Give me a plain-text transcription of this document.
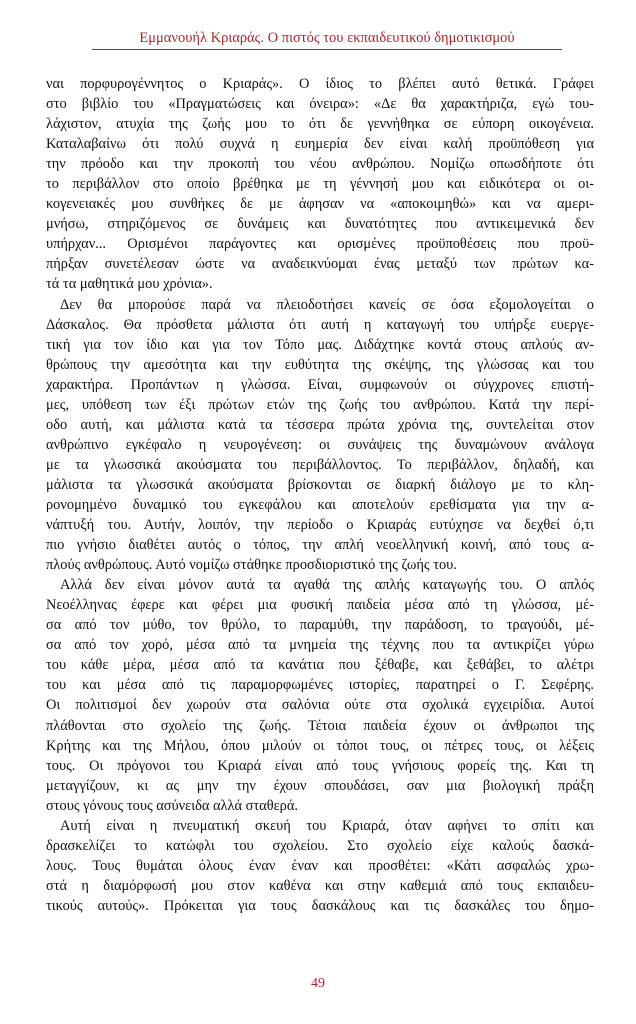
Εμμανουήλ Κριαράς. Ο πιστός του εκπαιδευτικού δημοτικισμού
ναι πορφυρογέννητος ο Κριαράς». Ο ίδιος το βλέπει αυτό θετικά. Γράφει
στο βιβλίο του «Πραγματώσεις και όνειρα»: «Δε θα χαρακτήριζα, εγώ του-
λάχιστον, ατυχία της ζωής μου το ότι δε γεννήθηκα σε εύπορη οικογένεια.
Καταλαβαίνω ότι πολύ συχνά η ευημερία δεν είναι καλή προϋπόθεση για
την πρόοδο και την προκοπή του νέου ανθρώπου. Νομίζω οπωσδήποτε ότι
το περιβάλλον στο οποίο βρέθηκα με τη γέννησή μου και ειδικότερα οι οι-
κογενειακές μου συνθήκες δε με άφησαν να «αποκοιμηθώ» και να αμερι-
μνήσω, στηριζόμενος σε δυνάμεις και δυνατότητες που αντικειμενικά δεν
υπήρχαν... Ορισμένοι παράγοντες και ορισμένες προϋποθέσεις που προϋ-
πήρξαν συνετέλεσαν ώστε να αναδεικνύομαι ένας μεταξύ των πρώτων κα-
τά τα μαθητικά μου χρόνια».
Δεν θα μπορούσε παρά να πλειοδοτήσει κανείς σε όσα εξομολογείται ο
Δάσκαλος. Θα πρόσθετα μάλιστα ότι αυτή η καταγωγή του υπήρξε ευεργε-
τική για τον ίδιο και για τον Τόπο μας. Διδάχτηκε κοντά στους απλούς αν-
θρώπους την αμεσότητα και την ευθύτητα της σκέψης, της γλώσσας και του
χαρακτήρα. Προπάντων η γλώσσα. Είναι, συμφωνούν οι σύγχρονες επιστή-
μες, υπόθεση των έξι πρώτων ετών της ζωής του ανθρώπου. Κατά την περί-
οδο αυτή, και μάλιστα κατά τα τέσσερα πρώτα χρόνια της, συντελείται στον
ανθρώπινο εγκέφαλο η νευρογένεση: οι συνάψεις της δυναμώνουν ανάλογα
με τα γλωσσικά ακούσματα του περιβάλλοντος. Το περιβάλλον, δηλαδή, και
μάλιστα τα γλωσσικά ακούσματα βρίσκονται σε διαρκή διάλογο με το κλη-
ρονομημένο δυναμικό του εγκεφάλου και αποτελούν ερεθίσματα για την α-
νάπτυξή του. Αυτήν, λοιπόν, την περίοδο ο Κριαράς ευτύχησε να δεχθεί ό,τι
πιο γνήσιο διαθέτει αυτός ο τόπος, την απλή νεοελληνική κοινή, από τους α-
πλούς ανθρώπους. Αυτό νομίζω στάθηκε προσδιοριστικό της ζωής του.
Αλλά δεν είναι μόνον αυτά τα αγαθά της απλής καταγωγής του. Ο απλός
Νεοέλληνας έφερε και φέρει μια φυσική παιδεία μέσα από τη γλώσσα, μέ-
σα από τον μύθο, τον θρύλο, το παραμύθι, την παράδοση, το τραγούδι, μέ-
σα από τον χορό, μέσα από τα μνημεία της τέχνης που τα αντικρίζει γύρω
του κάθε μέρα, μέσα από τα κανάτια που ξέθαβε, και ξεθάβει, το αλέτρι
του και μέσα από τις παραμορφωμένες ιστορίες, παρατηρεί ο Γ. Σεφέρης.
Οι πολιτισμοί δεν χωρούν στα σαλόνια ούτε στα σχολικά εγχειρίδια. Αυτοί
πλάθονται στο σχολείο της ζωής. Τέτοια παιδεία έχουν οι άνθρωποι της
Κρήτης και της Μήλου, όπου μιλούν οι τόποι τους, οι πέτρες τους, οι λέξεις
τους. Οι πρόγονοι του Κριαρά είναι από τους γνήσιους φορείς της. Και τη
μεταγγίζουν, κι ας μην την έχουν σπουδάσει, σαν μια βιολογική πράξη
στους γόνους τους ασύνειδα αλλά σταθερά.
Αυτή είναι η πνευματική σκευή του Κριαρά, όταν αφήνει το σπίτι και
δρασκελίζει το κατώφλι του σχολείου. Στο σχολείο είχε καλούς δασκά-
λους. Τους θυμάται όλους έναν έναν και προσθέτει: «Κάτι ασφαλώς χρω-
στά η διαμόρφωσή μου στον καθένα και στην καθεμιά από τους εκπαιδευ-
τικούς αυτούς». Πρόκειται για τους δασκάλους και τις δασκάλες του δημο-
49
